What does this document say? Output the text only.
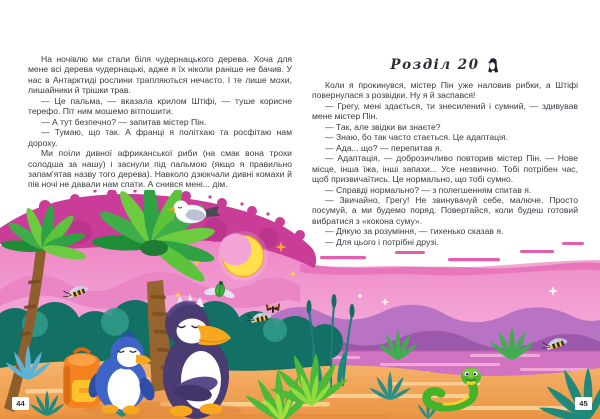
На ночівлю ми стали біля чудернацького дерева. Хоча для мене всі дерева чудернацькі, адже я їх ніколи раніше не бачив. У нас в Антарктиді рослини трапляються нечасто. І те лише мохи, лишайники й трішки трав.

— Це пальма, — вказала крилом Штіфі, — туше корисне терефо. Піт ним мошемо вітпошити.

— А тут безпечно? — запитав містер Пін.

— Тумаю, що так. А франці я політхаю та росфітаю нам дороху.

Ми поїли дивної африканської риби (на смак вона трохи солодша за нашу) і заснули під пальмою (якщо я правильно запам'ятав назву того дерева). Навколо дзюкчали дивні комахи й пів ночі не давали нам спати. А снився мені... дім.

Розділ 20

Коли я прокинувся, містер Пін уже наловив рибки, а Штіфі повернулася з розвідки. Ну я й заспався!

— Грегу, мені здається, ти знесилений і сумний, — здивував мене містер Пін.

— Так, але звідки ви знаєте?

— Знаю, бо так часто стається. Це адаптація.

— Ада... що? — перепитав я.

— Адаптація, — доброзичливо повторив містер Пін. — Нове місце, інша їжа, інші запахи... Усе незвично. Тобі потрібен час, щоб призвичаїтись. Це нормально, що тобі сумно.

— Справді нормально? — з полегшенням спитав я.

— Звичайно, Грегу! Не звинувачуй себе, малюче. Просто посумуй, а ми будемо поряд. Повертайся, коли будеш готовий вибратися з «кокона суму».

— Дякую за розуміння, — тихенько сказав я.

— Для цього і потрібні друзі.

44	45
